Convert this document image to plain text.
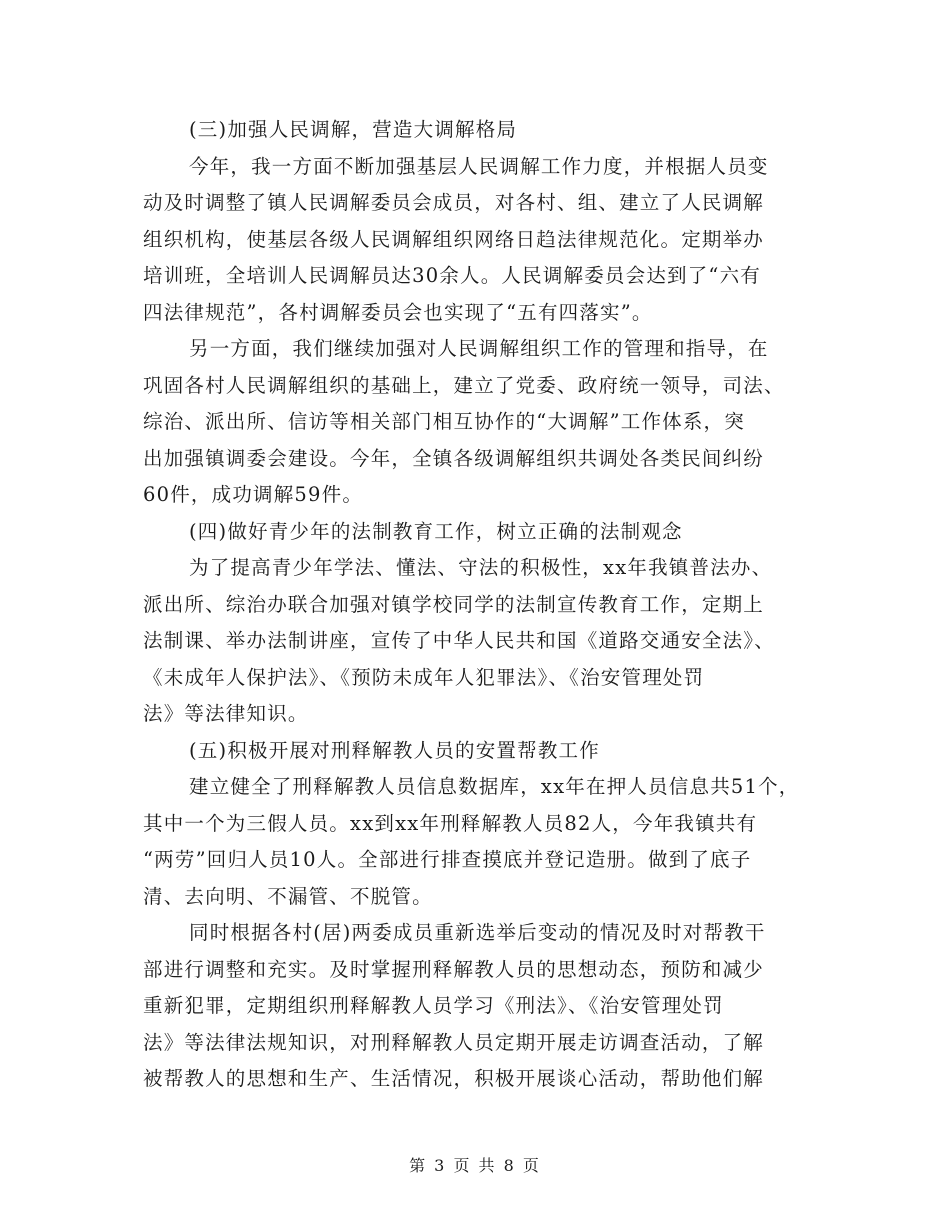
(三)加强人民调解，营造大调解格局
今年，我一方面不断加强基层人民调解工作力度，并根据人员变
动及时调整了镇人民调解委员会成员，对各村、组、建立了人民调解
组织机构，使基层各级人民调解组织网络日趋法律规范化。定期举办
培训班，全培训人民调解员达30余人。人民调解委员会达到了“六有
四法律规范”，各村调解委员会也实现了“五有四落实”。
另一方面，我们继续加强对人民调解组织工作的管理和指导，在
巩固各村人民调解组织的基础上，建立了党委、政府统一领导，司法、
综治、派出所、信访等相关部门相互协作的“大调解”工作体系，突
出加强镇调委会建设。今年，全镇各级调解组织共调处各类民间纠纷
60件，成功调解59件。
(四)做好青少年的法制教育工作，树立正确的法制观念
为了提高青少年学法、懂法、守法的积极性，xx年我镇普法办、
派出所、综治办联合加强对镇学校同学的法制宣传教育工作，定期上
法制课、举办法制讲座，宣传了中华人民共和国《道路交通安全法》、
《未成年人保护法》、《预防未成年人犯罪法》、《治安管理处罚
法》等法律知识。
(五)积极开展对刑释解教人员的安置帮教工作
建立健全了刑释解教人员信息数据库，xx年在押人员信息共51个，
其中一个为三假人员。xx到xx年刑释解教人员82人，今年我镇共有
“两劳”回归人员10人。全部进行排查摸底并登记造册。做到了底子
清、去向明、不漏管、不脱管。
同时根据各村(居)两委成员重新选举后变动的情况及时对帮教干
部进行调整和充实。及时掌握刑释解教人员的思想动态，预防和减少
重新犯罪，定期组织刑释解教人员学习《刑法》、《治安管理处罚
法》等法律法规知识，对刑释解教人员定期开展走访调查活动，了解
被帮教人的思想和生产、生活情况，积极开展谈心活动，帮助他们解
第 3 页 共 8 页
